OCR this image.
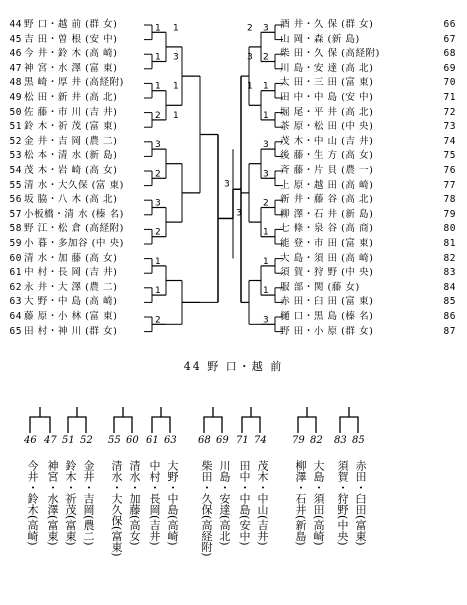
1
1
1
2
3
2
3
2
1
1
2
1
3
1
1
3
2
1
1
3
3
2
1
1
1
3
2
3
1
3
3
44 野 口・越 前 (群 女)
45 吉 田・曽 根 (安 中)
46 今 井・鈴 木 (高 崎)
47 神 宮・水 澤 (富 東)
48 黒 崎・厚 井 (高経附)
49 松 田・新 井 (高 北)
50 佐 藤・市 川 (吉 井)
51 鈴 木・祈 茂 (富 東)
52 金 井・吉 岡 (農 二)
53 松 本・清 水 (新 島)
54 茂 木・岩 崎 (高 女)
55 清 水・大久保 (富 東)
56 坂 脇・八 木 (高 北)
57 小板橋・清 水 (榛 名)
58 野 江・松 倉 (高経附)
59 小 暮・多加谷 (中 央)
60 清 水・加 藤 (高 女)
61 中 村・長 岡 (吉 井)
62 永 井・大 澤 (農 二)
63 大 野・中 島 (高 崎)
64 藤 原・小 林 (富 東)
65 田 村・神 川 (群 女)
酒 井・久 保 (群 女)	66
山 岡・森 (新 島)	67
柴 田・久 保 (高経附)	68
川 島・安 達 (高 北)	69
太 田・三 田 (富 東)	70
田 中・中 島 (安 中)	71
堀 尾・平 井 (高 北)	72
茶 原・松 田 (中 央)	73
茂 木・中 山 (吉 井)	74
後 藤・生 方 (高 女)	75
斉 藤・片 貝 (農 一)	76
上 原・越 田 (高 崎)	77
新 井・藤 谷 (高 北)	78
柳 澤・石 井 (新 島)	79
七 條・泉 谷 (高 商)	80
能 登・市 田 (富 東)	81
大 島・須 田 (高 崎)	82
須 賀・狩 野 (中 央)	83
服 部・関 (藤 女)	84
赤 田・臼 田 (富 東)	85
樋 口・黒 島 (榛 名)	86
野 田・小 原 (群 女)	87
44 野 口・越 前
46
今井・鈴木(高崎)
47
神宮・水澤(富東)
51
鈴木・祈茂(富東)
52
金井・吉岡(農二)
55
清水・大久保(富東)
60
清水・加藤(高女)
61
中村・長岡(吉井)
63
大野・中島(高崎)
68
柴田・久保(高経附)
69
川島・安達(高北)
71
田中・中島(安中)
74
茂木・中山(吉井)
79
柳澤・石井(新島)
82
大島・須田(高崎)
83
須賀・狩野(中央)
85
赤田・臼田(富東)
